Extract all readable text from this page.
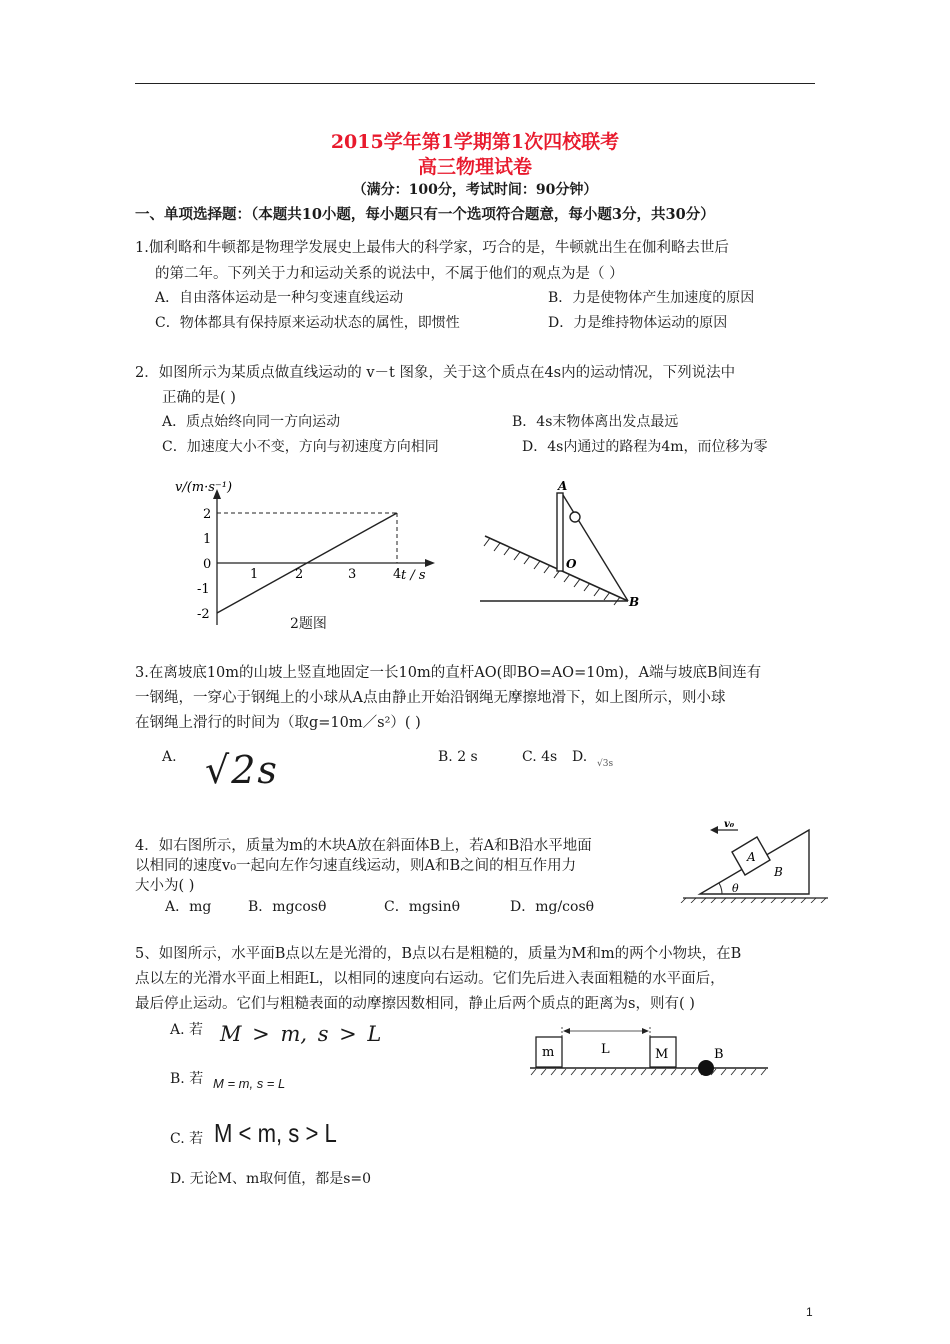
2015学年第1学期第1次四校联考
高三物理试卷
（满分：100分，考试时间：90分钟）
一、单项选择题：（本题共10小题，每小题只有一个选项符合题意，每小题3分，共30分）
1.伽利略和牛顿都是物理学发展史上最伟大的科学家，巧合的是，牛顿就出生在伽利略去世后
的第二年。下列关于力和运动关系的说法中，不属于他们的观点为是（ ）
A．自由落体运动是一种匀变速直线运动	B．力是使物体产生加速度的原因
C．物体都具有保持原来运动状态的属性，即惯性	D．力是维持物体运动的原因
2．如图所示为某质点做直线运动的 v－t 图象，关于这个质点在4s内的运动情况，下列说法中
正确的是( )
A．质点始终向同一方向运动	B．4s末物体离出发点最远
C．加速度大小不变，方向与初速度方向相同	D．4s内通过的路程为4m，而位移为零
1	2	3	4
2
1
0
-1
-2
v/(m·s⁻¹)
t / s
2题图
A
O
B
3.在离坡底10m的山坡上竖直地固定一长10m的直杆AO(即BO=AO=10m)，A端与坡底B间连有
一钢绳，一穿心于钢绳上的小球从A点由静止开始沿钢绳无摩擦地滑下，如上图所示，则小球
在钢绳上滑行的时间为（取g=10m／s²）( )
A. √2s	B. 2 s	C. 4s D. √3s
4．如右图所示，质量为m的木块A放在斜面体B上，若A和B沿水平地面
以相同的速度v₀一起向左作匀速直线运动，则A和B之间的相互作用力
大小为( )
A．mg	B．mgcosθ	C．mgsinθ	D．mg/cosθ
v₀
A
B
θ
5、如图所示，水平面B点以左是光滑的，B点以右是粗糙的，质量为M和m的两个小物块，在B
点以左的光滑水平面上相距L，以相同的速度向右运动。它们先后进入表面粗糙的水平面后，
最后停止运动。它们与粗糙表面的动摩擦因数相同，静止后两个质点的距离为s，则有( )
A. 若 M > m, s > L
B. 若 M = m, s = L
C. 若 M < m, s > L
D. 无论M、m取何值，都是s=0
m	L	M	B
1
